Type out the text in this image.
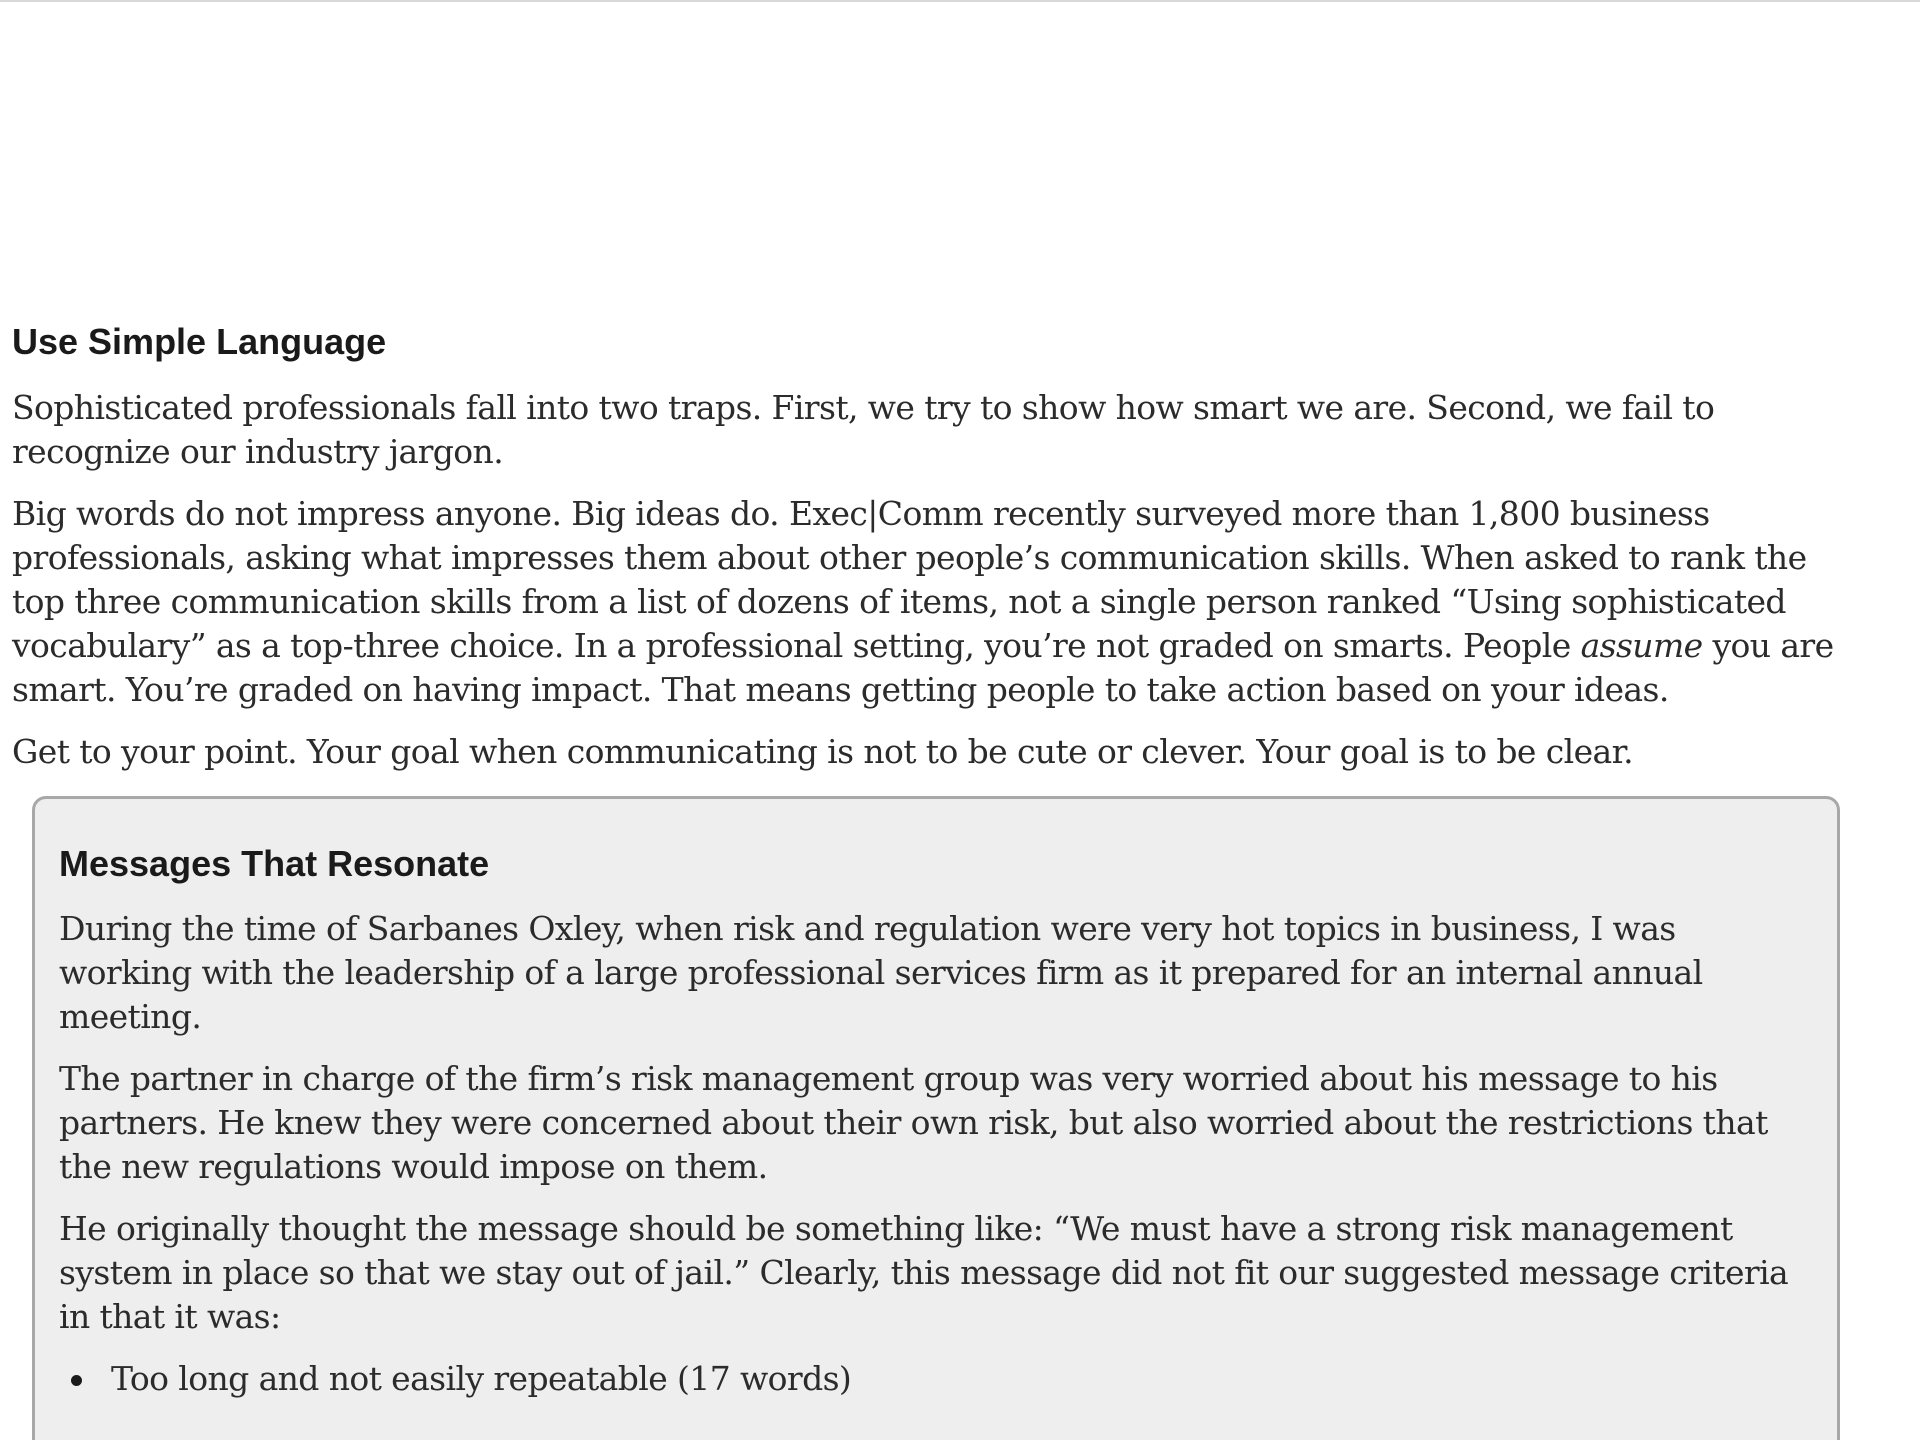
Use Simple Language

Sophisticated professionals fall into two traps. First, we try to show how smart we are. Second, we fail to recognize our industry jargon.

Big words do not impress anyone. Big ideas do. Exec|Comm recently surveyed more than 1,800 business professionals, asking what impresses them about other people’s communication skills. When asked to rank the top three communication skills from a list of dozens of items, not a single person ranked “Using sophisticated vocabulary” as a top-three choice. In a professional setting, you’re not graded on smarts. People assume you are smart. You’re graded on having impact. That means getting people to take action based on your ideas.

Get to your point. Your goal when communicating is not to be cute or clever. Your goal is to be clear.

Messages That Resonate

During the time of Sarbanes Oxley, when risk and regulation were very hot topics in business, I was working with the leadership of a large professional services firm as it prepared for an internal annual meeting.

The partner in charge of the firm’s risk management group was very worried about his message to his partners. He knew they were concerned about their own risk, but also worried about the restrictions that the new regulations would impose on them.

He originally thought the message should be something like: “We must have a strong risk management system in place so that we stay out of jail.” Clearly, this message did not fit our suggested message criteria in that it was:

Too long and not easily repeatable (17 words)
